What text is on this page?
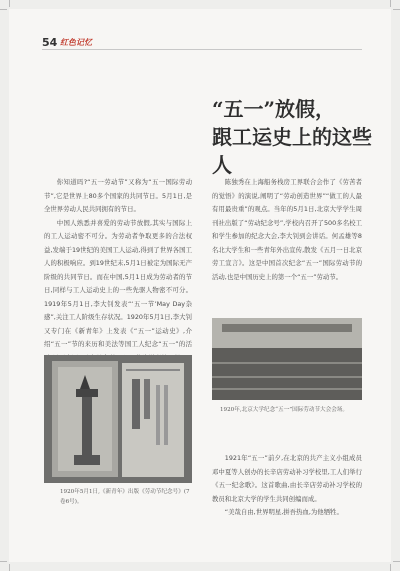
54 红色记忆
“五一”放假，
跟工运史上的这些人

你知道吗?“五一劳动节”又称为“五一国际劳动节”,它是世界上80多个国家的共同节日。5月1日,是全世界劳动人民共同拥有的节日。

中国人熟悉并喜爱的劳动节放假,其实与国际上的工人运动密不可分。为劳动者争取更多的合法权益,发端于19世纪的美国工人运动,得到了世界各国工人的积极响应。到19世纪末,5月1日被定为国际无产阶级的共同节日。而在中国,5月1日成为劳动者的节日,同样与工人运动史上的一些先驱人物密不可分。1919年5月1日,李大钊发表“‘五一节’May Day杂感”,关注工人阶级生存状况。1920年5月1日,李大钊又专门在《新青年》上发表《“五一”运动史》,介绍“五一”节的来历和美法等国工人纪念“五一”的活

1920年5月1日,《新青年》出版《劳动节纪念号》(7卷6号)。

陈独秀在上海船务栈房工界联合会作了《劳苦者的觉悟》的演说,阐明了“劳动创造世界”“做工的人最有用最贵重”的观点。当年的5月1日,北京大学学生周刊社出版了“劳动纪念号”,学校内召开了500多名校工和学生参加的纪念大会,李大钊到会讲话。何孟雄等8名北大学生和一些青年外出宣传,散发《五月一日北京劳工宣言》。这是中国首次纪念“五一”国际劳动节的活动,也是中国历史上的第一个“五一”劳动节。

1920年,北京大学纪念“五一”国际劳动节大会会场。

1921年“五一”前夕,在北京的共产主义小组成员邓中夏等人创办的长辛店劳动补习学校里,工人们举行《五一纪念歌》。这首歌曲,由长辛店劳动补习学校的教员和北京大学的学生共同创编而成。

“美哉自由,世界明星,拼吾热血,为他牺牲。
